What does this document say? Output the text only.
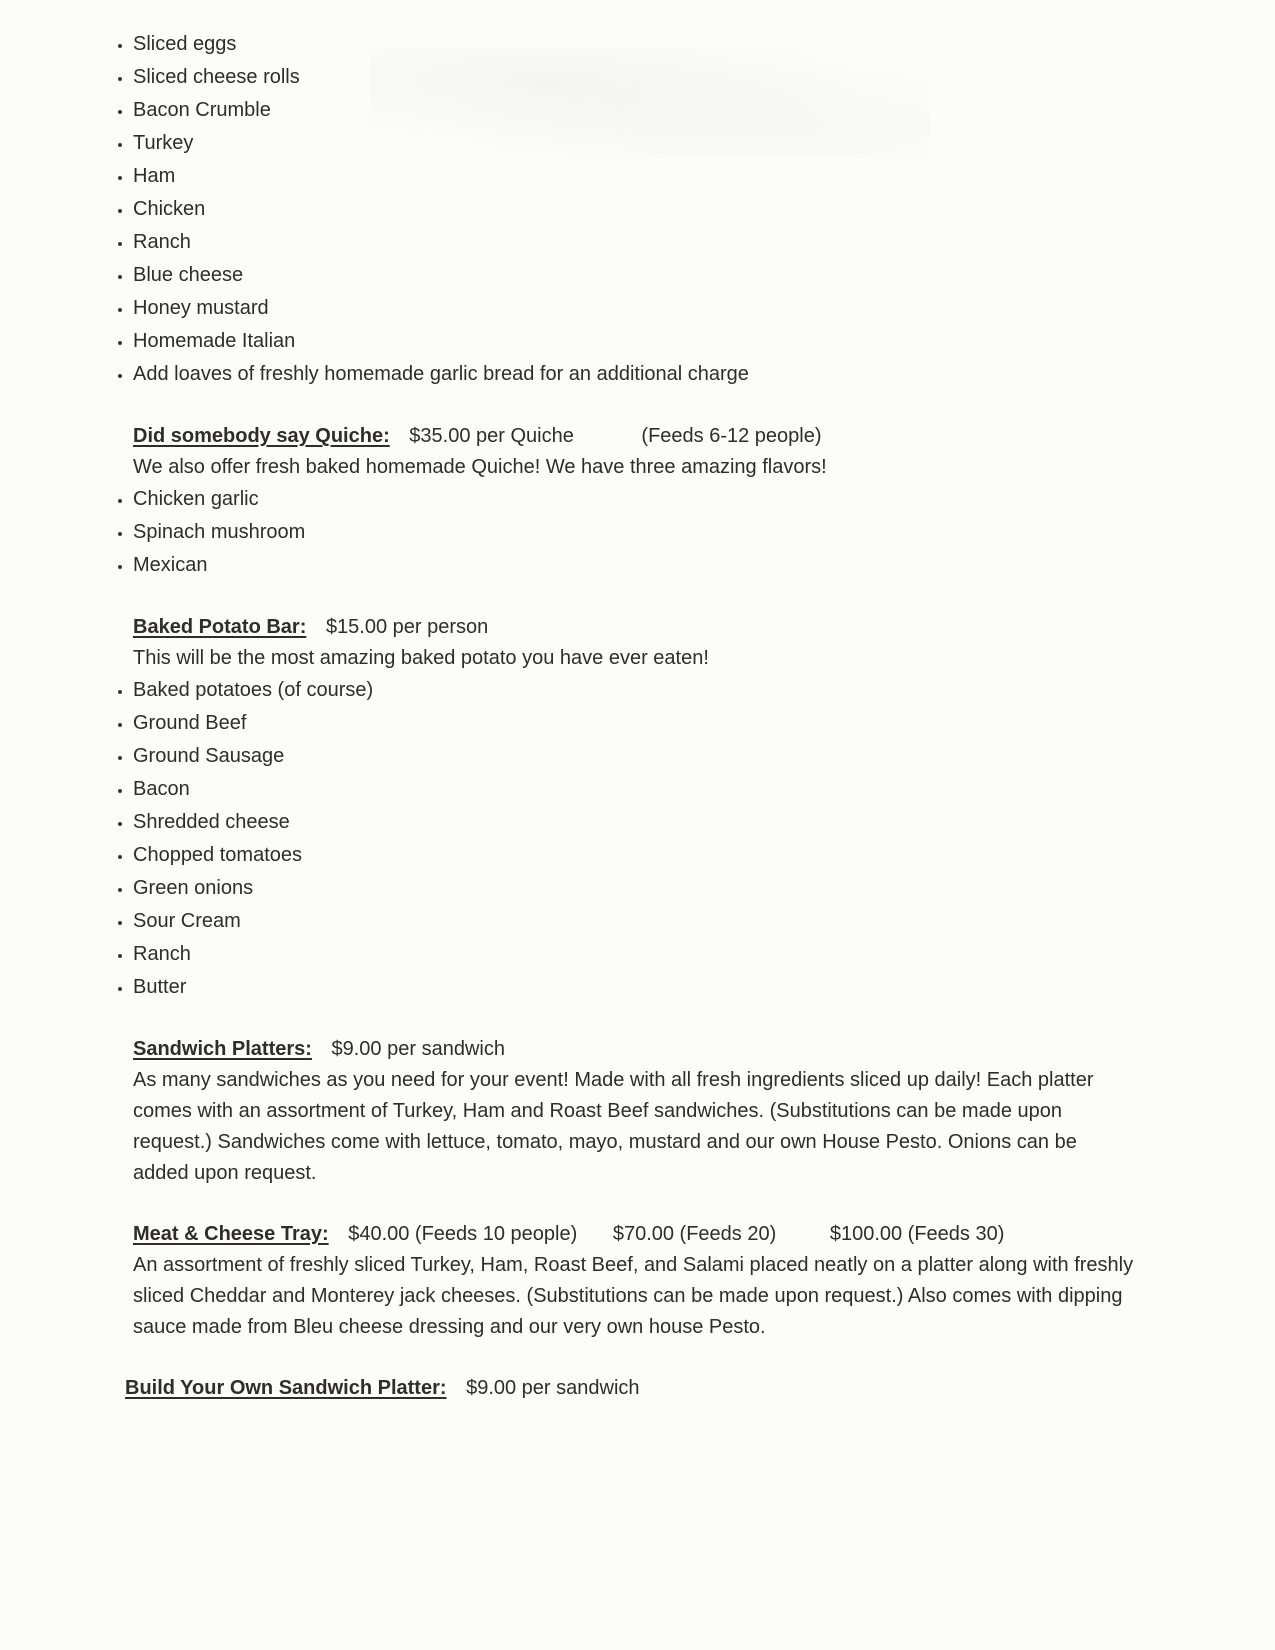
• Sliced eggs
• Sliced cheese rolls
• Bacon Crumble
• Turkey
• Ham
• Chicken
• Ranch
• Blue cheese
• Honey mustard
• Homemade Italian
• Add loaves of freshly homemade garlic bread for an additional charge

Did somebody say Quiche: $35.00 per Quiche	(Feeds 6-12 people)

We also offer fresh baked homemade Quiche! We have three amazing flavors!

• Chicken garlic
• Spinach mushroom
• Mexican

Baked Potato Bar: $15.00 per person

This will be the most amazing baked potato you have ever eaten!

• Baked potatoes (of course)
• Ground Beef
• Ground Sausage
• Bacon
• Shredded cheese
• Chopped tomatoes
• Green onions
• Sour Cream
• Ranch
• Butter

Sandwich Platters: $9.00 per sandwich

As many sandwiches as you need for your event! Made with all fresh ingredients sliced up daily! Each platter comes with an assortment of Turkey, Ham and Roast Beef sandwiches. (Substitutions can be made upon request.) Sandwiches come with lettuce, tomato, mayo, mustard and our own House Pesto. Onions can be added upon request.

Meat & Cheese Tray: $40.00 (Feeds 10 people) $70.00 (Feeds 20)	$100.00 (Feeds 30)

An assortment of freshly sliced Turkey, Ham, Roast Beef, and Salami placed neatly on a platter along with freshly sliced Cheddar and Monterey jack cheeses. (Substitutions can be made upon request.) Also comes with dipping sauce made from Bleu cheese dressing and our very own house Pesto.

Build Your Own Sandwich Platter: $9.00 per sandwich
